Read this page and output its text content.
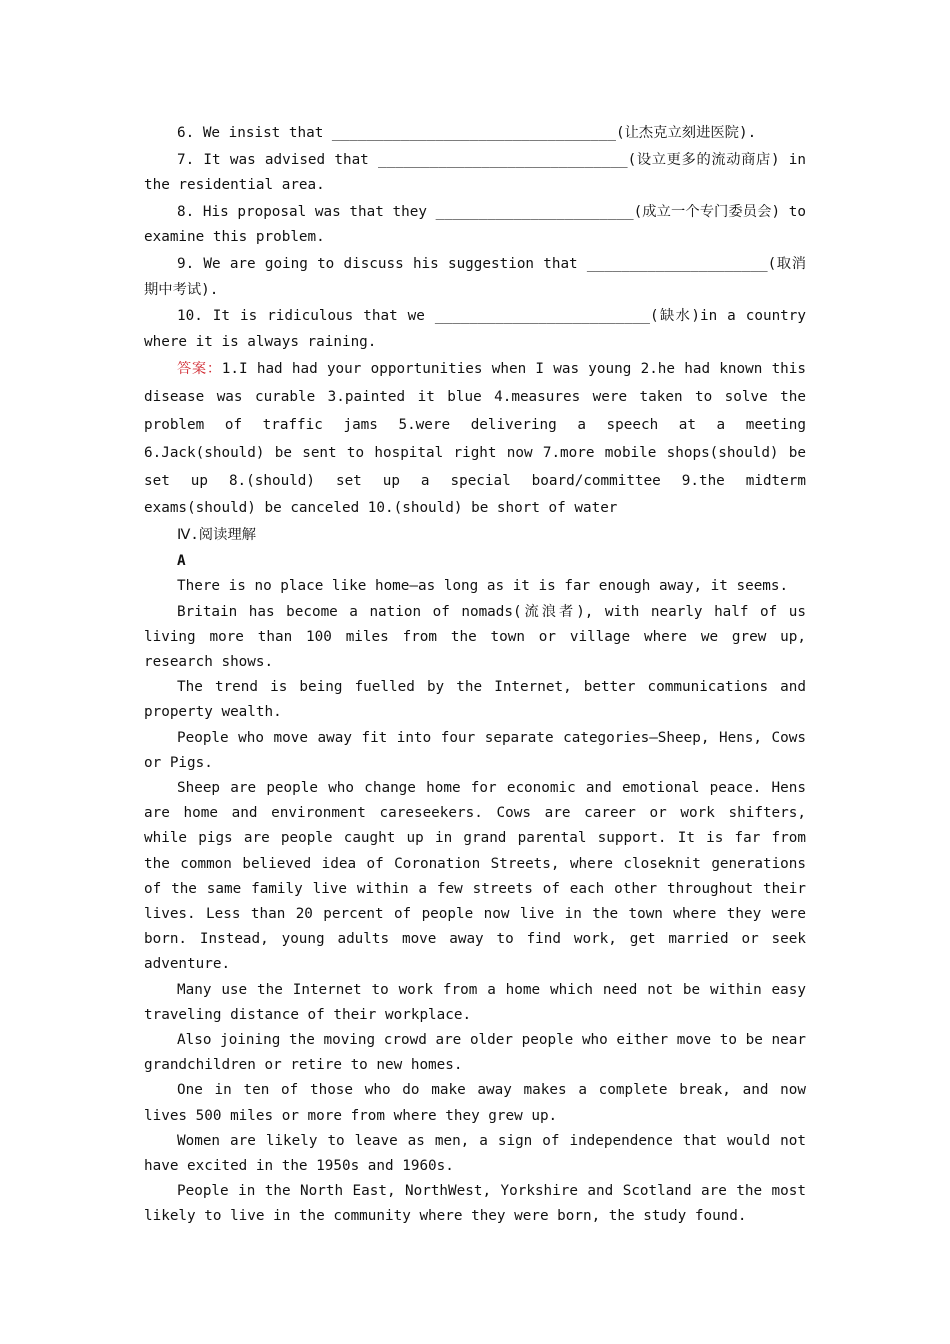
6. We insist that _________________________________(让杰克立刻进医院).

7. It was advised that _____________________________(设立更多的流动商店) in the residential area.

8. His proposal was that they _______________________(成立一个专门委员会) to examine this problem.

9. We are going to discuss his suggestion that _____________________(取消期中考试).

10. It is ridiculous that we _________________________(缺水)in a country where it is always raining.

答案：1.I had had your opportunities when I was young 2.he had known this disease was curable 3.painted it blue 4.measures were taken to solve the problem of traffic jams 5.were delivering a speech at a meeting 6.Jack(should) be sent to hospital right now 7.more mobile shops(should) be set up 8.(should) set up a special board/committee 9.the midterm exams(should) be canceled 10.(should) be short of water

Ⅳ.阅读理解

A

There is no place like home—as long as it is far enough away, it seems.

Britain has become a nation of nomads(流浪者), with nearly half of us living more than 100 miles from the town or village where we grew up, research shows.

The trend is being fuelled by the Internet, better communications and property wealth.

People who move away fit into four separate categories—Sheep, Hens, Cows or Pigs.

Sheep are people who change home for economic and emotional peace. Hens are home and environment careseekers. Cows are career or work shifters, while pigs are people caught up in grand parental support. It is far from the common believed idea of Coronation Streets, where closeknit generations of the same family live within a few streets of each other throughout their lives. Less than 20 percent of people now live in the town where they were born. Instead, young adults move away to find work, get married or seek adventure.

Many use the Internet to work from a home which need not be within easy traveling distance of their workplace.

Also joining the moving crowd are older people who either move to be near grandchildren or retire to new homes.

One in ten of those who do make away makes a complete break, and now lives 500 miles or more from where they grew up.

Women are likely to leave as men, a sign of independence that would not have excited in the 1950s and 1960s.

People in the North East, NorthWest, Yorkshire and Scotland are the most likely to live in the community where they were born, the study found.
